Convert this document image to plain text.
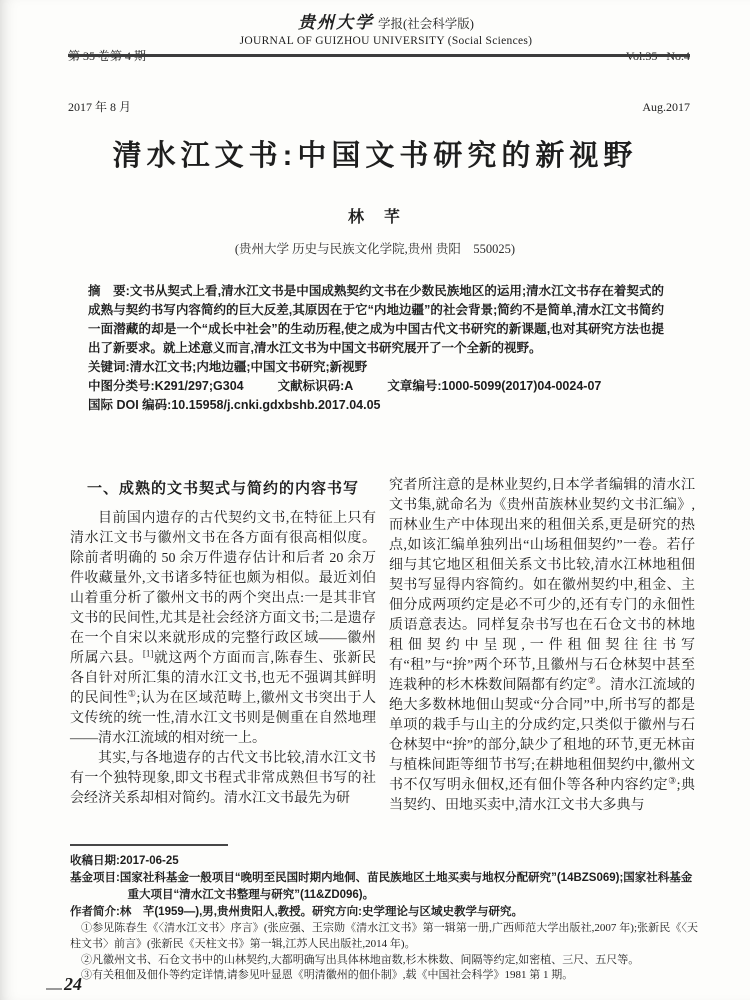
2017 年 8 月

贵州大学 学报(社会科学版)
JOURNAL OF GUIZHOU UNIVERSITY (Social Sciences)

Aug.2017

清水江文书:中国文书研究的新视野
林　芊
(贵州大学 历史与民族文化学院,贵州 贵阳　550025)

摘　要:文书从契式上看,清水江文书是中国成熟契约文书在少数民族地区的运用;清水江文书存在着契式的成熟与契约书写内容简约的巨大反差,其原因在于它“内地边疆”的社会背景;简约不是简单,清水江文书简约一面潜藏的却是一个“成长中社会”的生动历程,使之成为中国古代文书研究的新课题,也对其研究方法也提出了新要求。就上述意义而言,清水江文书为中国文书研究展开了一个全新的视野。

关键词:清水江文书;内地边疆;中国文书研究;新视野

中图分类号:K291/297;G304	文献标识码:A	文章编号:1000-5099(2017)04-0024-07

国际 DOI 编码:10.15958/j.cnki.gdxbshb.2017.04.05

一、成熟的文书契式与简约的内容书写

目前国内遗存的古代契约文书,在特征上只有清水江文书与徽州文书在各方面有很高相似度。除前者明确的 50 余万件遗存估计和后者 20 余万件收藏量外,文书诸多特征也颇为相似。最近刘伯山着重分析了徽州文书的两个突出点:一是其非官文书的民间性,尤其是社会经济方面文书;二是遗存在一个自宋以来就形成的完整行政区域——徽州所属六县。[1]就这两个方面而言,陈春生、张新民各自针对所汇集的清水江文书,也无不强调其鲜明的民间性①;认为在区域范畴上,徽州文书突出于人文传统的统一性,清水江文书则是侧重在自然地理——清水江流域的相对统一上。

其实,与各地遗存的古代文书比较,清水江文书有一个独特现象,即文书程式非常成熟但书写的社会经济关系却相对简约。清水江文书最先为研

究者所注意的是林业契约,日本学者编辑的清水江文书集,就命名为《贵州苗族林业契约文书汇编》,而林业生产中体现出来的租佃关系,更是研究的热点,如该汇编单独列出“山场租佃契约”一卷。若仔细与其它地区租佃关系文书比较,清水江林地租佃契书写显得内容简约。如在徽州契约中,租金、主佃分成两项约定是必不可少的,还有专门的永佃性质语意表达。同样复杂书写也在石仓文书的林地租佃契约中呈现,一件租佃契往往书写有“租”与“拚”两个环节,且徽州与石仓林契中甚至连栽种的杉木株数间隔都有约定②。清水江流域的绝大多数林地佃山契或“分合同”中,所书写的都是单项的栽手与山主的分成约定,只类似于徽州与石仓林契中“拚”的部分,缺少了租地的环节,更无林亩与植株间距等细节书写;在耕地租佃契约中,徽州文书不仅写明永佃权,还有佃仆等各种内容约定③;典当契约、田地买卖中,清水江文书大多典与

收稿日期:2017-06-25

基金项目:国家社科基金一般项目“晚明至民国时期内地侗、苗民族地区土地买卖与地权分配研究”(14BZS069);国家社科基金重大项目“清水江文书整理与研究”(11&ZD096)。

作者简介:林　芊(1959—),男,贵州贵阳人,教授。研究方向:史学理论与区域史教学与研究。

①参见陈春生《〈清水江文书〉序言》(张应强、王宗勋《清水江文书》第一辑第一册,广西师范大学出版社,2007 年);张新民《〈天柱文书〉前言》(张新民《天柱文书》第一辑,江苏人民出版社,2014 年)。

②凡徽州文书、石仓文书中的山林契约,大都明确写出具体林地亩数,杉木株数、间隔等约定,如密植、三尺、五尺等。

③有关租佃及佃仆等约定详情,请参见叶显恩《明清徽州的佃仆制》,载《中国社会科学》1981 第 1 期。

24
